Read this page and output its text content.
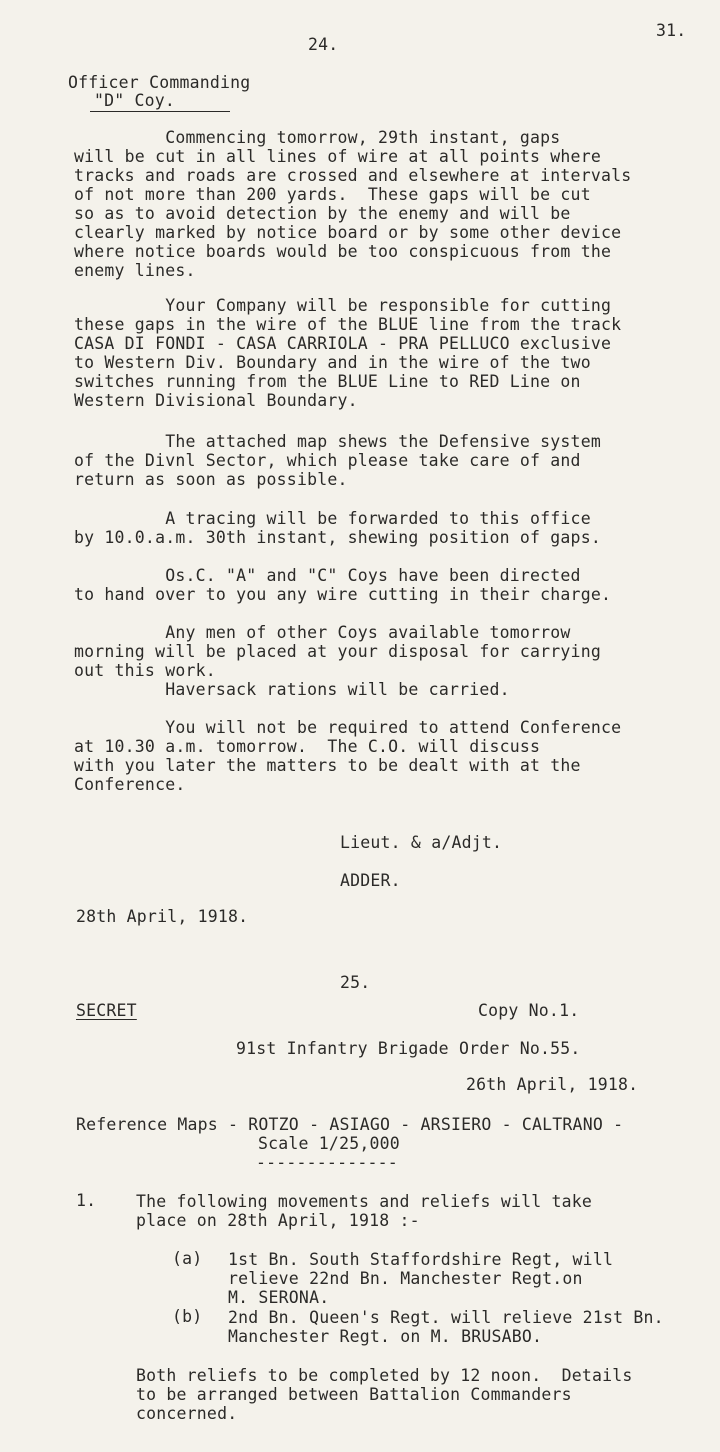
31.
24.
Officer Commanding
"D" Coy.
Commencing tomorrow, 29th instant, gaps
will be cut in all lines of wire at all points where
tracks and roads are crossed and elsewhere at intervals
of not more than 200 yards.  These gaps will be cut
so as to avoid detection by the enemy and will be
clearly marked by notice board or by some other device
where notice boards would be too conspicuous from the
enemy lines.
Your Company will be responsible for cutting
these gaps in the wire of the BLUE line from the track
CASA DI FONDI - CASA CARRIOLA - PRA PELLUCO exclusive
to Western Div. Boundary and in the wire of the two
switches running from the BLUE Line to RED Line on
Western Divisional Boundary.
The attached map shews the Defensive system
of the Divnl Sector, which please take care of and
return as soon as possible.
A tracing will be forwarded to this office
by 10.0.a.m. 30th instant, shewing position of gaps.
Os.C. "A" and "C" Coys have been directed
to hand over to you any wire cutting in their charge.
Any men of other Coys available tomorrow
morning will be placed at your disposal for carrying
out this work.
Haversack rations will be carried.
You will not be required to attend Conference
at 10.30 a.m. tomorrow.  The C.O. will discuss
with you later the matters to be dealt with at the
Conference.
Lieut. & a/Adjt.
ADDER.
28th April, 1918.
25.
SECRET	Copy No.1.
91st Infantry Brigade Order No.55.
26th April, 1918.
Reference Maps - ROTZO - ASIAGO - ARSIERO - CALTRANO -
Scale 1/25,000
--------------
1. The following movements and reliefs will take
place on 28th April, 1918 :-
(a) 1st Bn. South Staffordshire Regt, will
relieve 22nd Bn. Manchester Regt.on
M. SERONA.
(b) 2nd Bn. Queen's Regt. will relieve 21st Bn.
Manchester Regt. on M. BRUSABO.
Both reliefs to be completed by 12 noon.  Details
to be arranged between Battalion Commanders
concerned.
